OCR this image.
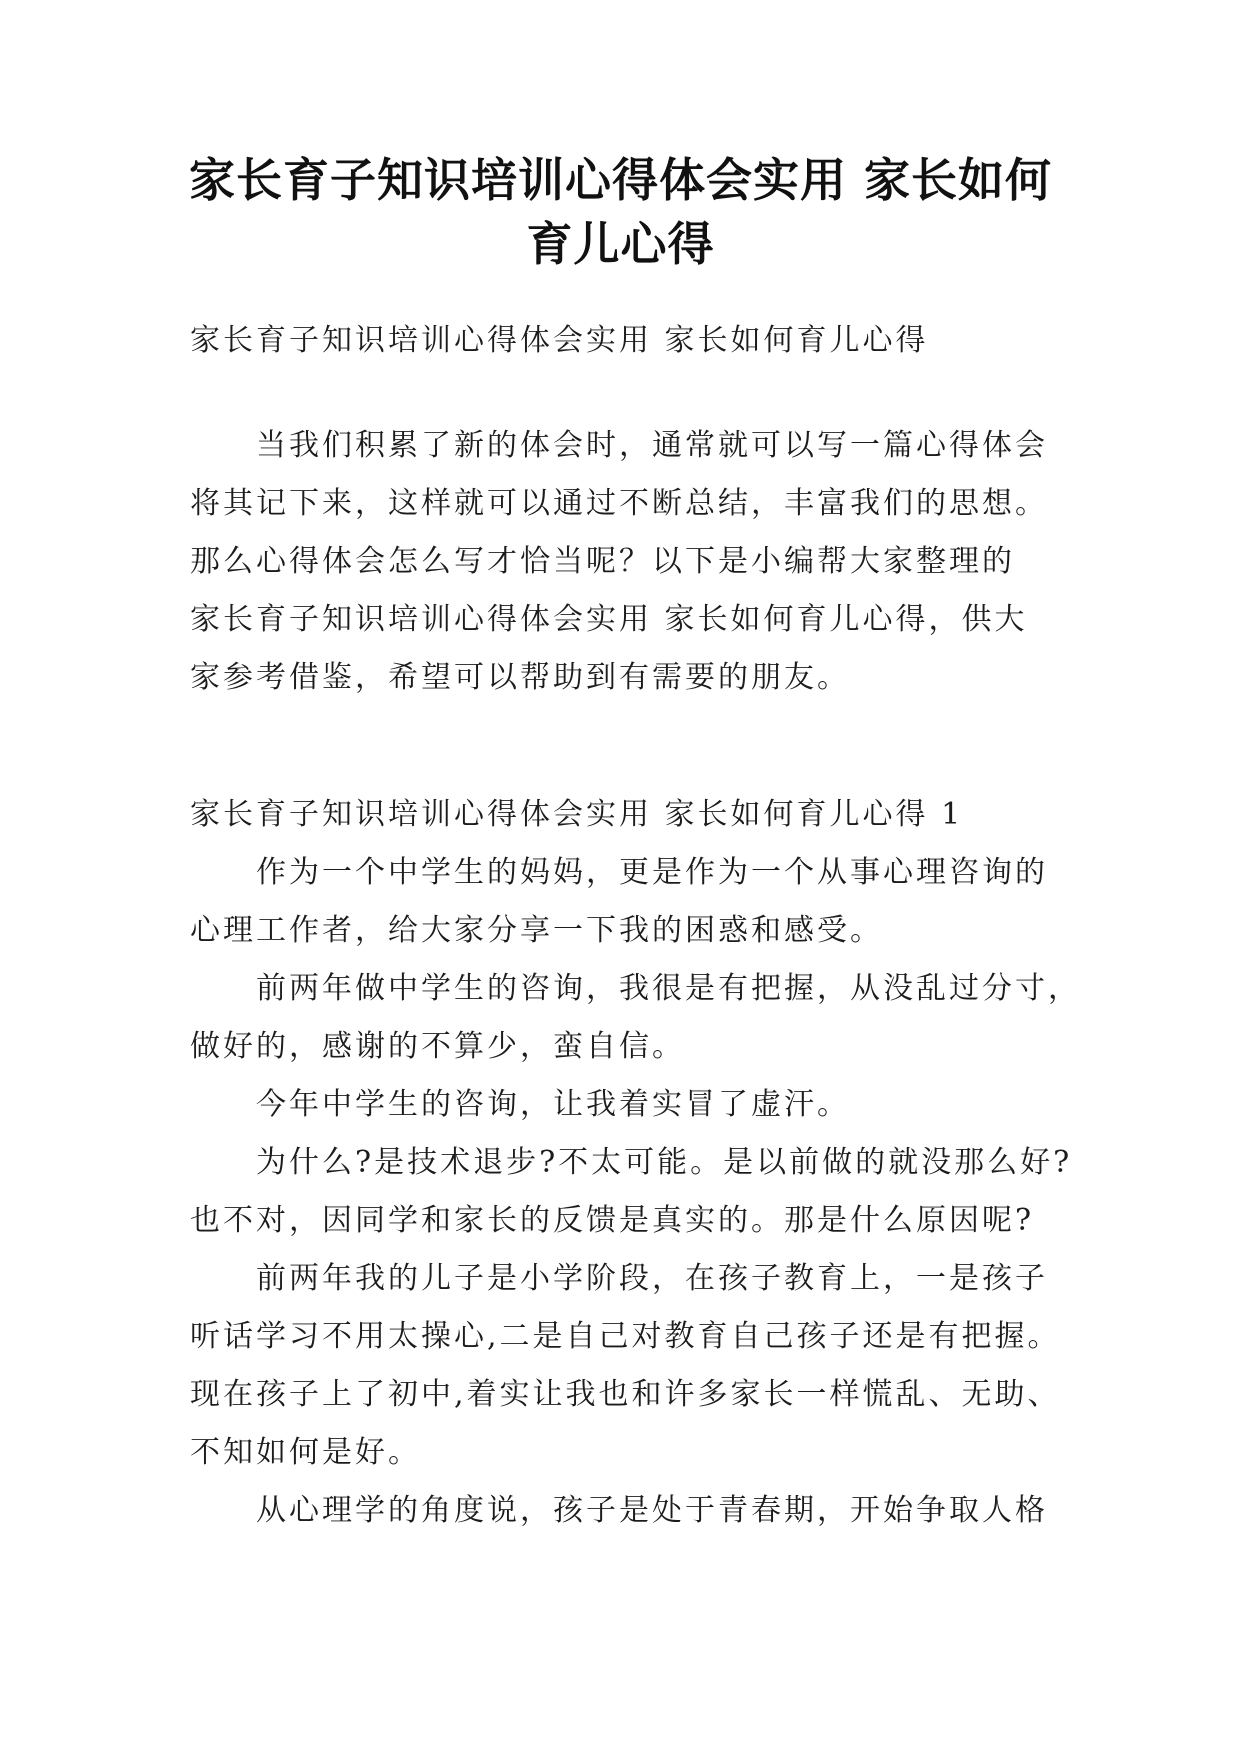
家长育子知识培训心得体会实用 家长如何
育儿心得
家长育子知识培训心得体会实用 家长如何育儿心得
当我们积累了新的体会时，通常就可以写一篇心得体会
将其记下来，这样就可以通过不断总结，丰富我们的思想。
那么心得体会怎么写才恰当呢？以下是小编帮大家整理的
家长育子知识培训心得体会实用 家长如何育儿心得，供大
家参考借鉴，希望可以帮助到有需要的朋友。
家长育子知识培训心得体会实用 家长如何育儿心得 1
作为一个中学生的妈妈，更是作为一个从事心理咨询的
心理工作者，给大家分享一下我的困惑和感受。
前两年做中学生的咨询，我很是有把握，从没乱过分寸，
做好的，感谢的不算少，蛮自信。
今年中学生的咨询，让我着实冒了虚汗。
为什么?是技术退步?不太可能。是以前做的就没那么好?
也不对，因同学和家长的反馈是真实的。那是什么原因呢?
前两年我的儿子是小学阶段，在孩子教育上，一是孩子
听话学习不用太操心,二是自己对教育自己孩子还是有把握。
现在孩子上了初中,着实让我也和许多家长一样慌乱、无助、
不知如何是好。
从心理学的角度说，孩子是处于青春期，开始争取人格
